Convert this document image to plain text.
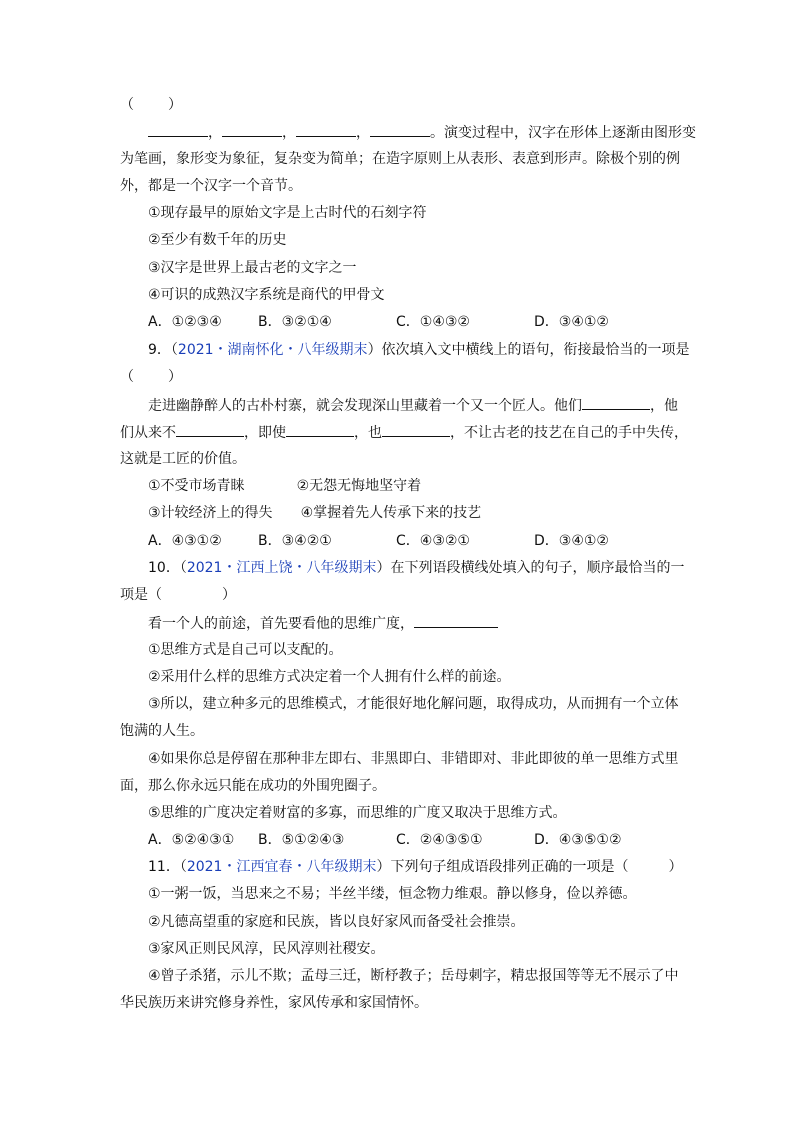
（ ）
，	，	，	。演变过程中，汉字在形体上逐渐由图形变
为笔画，象形变为象征，复杂变为简单；在造字原则上从表形、表意到形声。除极个别的例
外，都是一个汉字一个音节。
①现存最早的原始文字是上古时代的石刻字符
②至少有数千年的历史
③汉字是世界上最古老的文字之一
④可识的成熟汉字系统是商代的甲骨文
A．①②③④	B．③②①④	C．①④③②	D．③④①②
9．（2021・湖南怀化・八年级期末）依次填入文中横线上的语句，衔接最恰当的一项是
（ ）
走进幽静醉人的古朴村寨，就会发现深山里藏着一个又一个匠人。他们	，他
们从来不	，即使	，也	，不让古老的技艺在自己的手中失传，
这就是工匠的价值。
①不受市场青睐	②无怨无悔地坚守着
③计较经济上的得失 ④掌握着先人传承下来的技艺
A．④③①②	B．③④②①	C．④③②①	D．③④①②
10．（2021・江西上饶・八年级期末）在下列语段横线处填入的句子，顺序最恰当的一
项是（	）
看一个人的前途，首先要看他的思维广度，
①思维方式是自己可以支配的。
②采用什么样的思维方式决定着一个人拥有什么样的前途。
③所以，建立种多元的思维模式，才能很好地化解问题，取得成功，从而拥有一个立体
饱满的人生。
④如果你总是停留在那种非左即右、非黑即白、非错即对、非此即彼的单一思维方式里
面，那么你永远只能在成功的外围兜圈子。
⑤思维的广度决定着财富的多寡，而思维的广度又取决于思维方式。
A．⑤②④③① B．⑤①②④③	C．②④③⑤①	D．④③⑤①②
11．（2021・江西宜春・八年级期末）下列句子组成语段排列正确的一项是（	）
①一粥一饭，当思来之不易；半丝半缕，恒念物力维艰。静以修身，俭以养德。
②凡德高望重的家庭和民族，皆以良好家风而备受社会推崇。
③家风正则民风淳，民风淳则社稷安。
④曾子杀猪，示儿不欺；孟母三迁，断杼教子；岳母刺字，精忠报国等等无不展示了中
华民族历来讲究修身养性，家风传承和家国情怀。
